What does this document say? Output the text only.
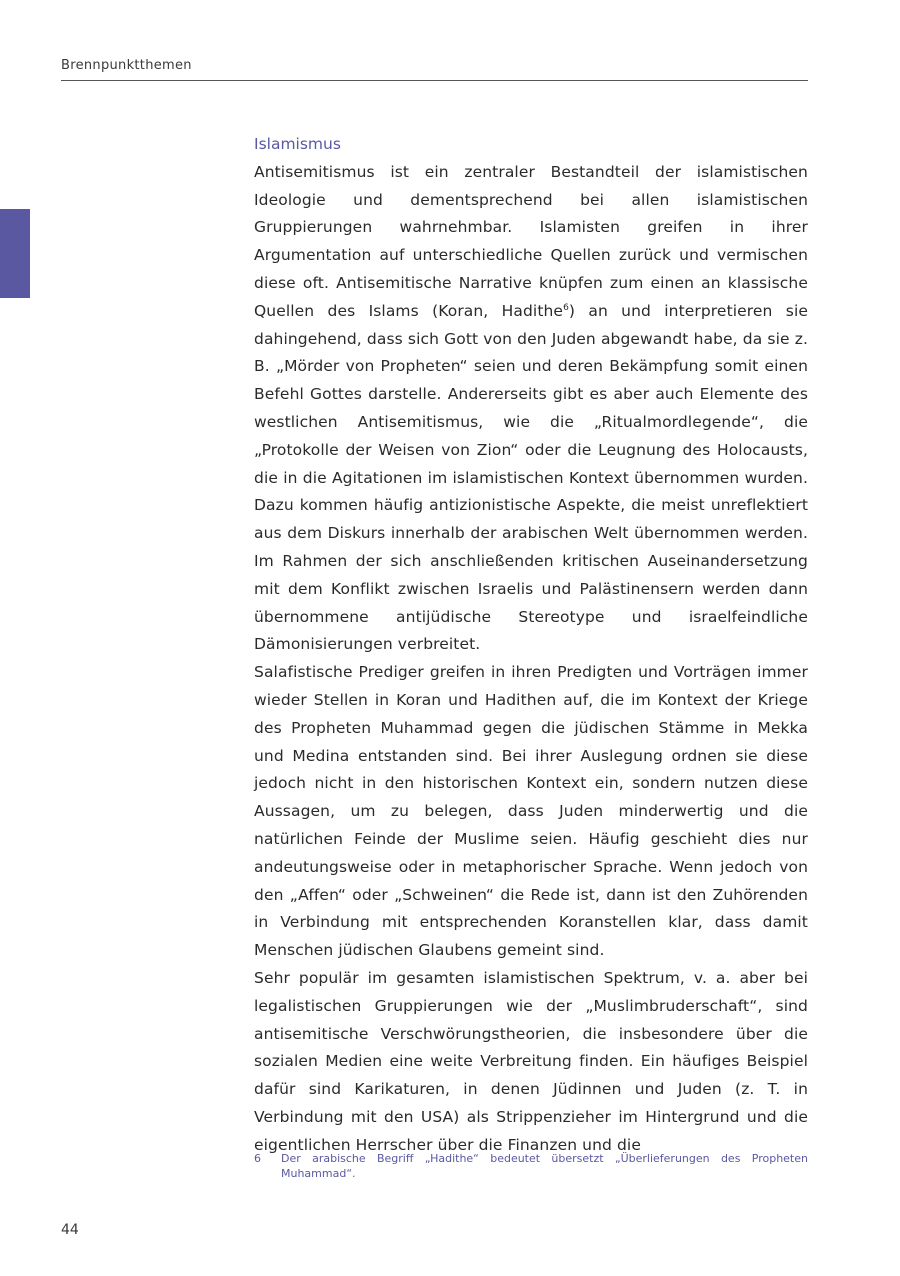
Brennpunktthemen
Islamismus

Antisemitismus ist ein zentraler Bestandteil der islamistischen Ideologie und dementsprechend bei allen islamistischen Gruppierungen wahrnehmbar. Islamisten greifen in ihrer Argumentation auf unterschiedliche Quellen zurück und vermischen diese oft. Antisemitische Narrative knüpfen zum einen an klassische Quellen des Islams (Koran, Hadithe$^6$) an und interpretieren sie dahingehend, dass sich Gott von den Juden abgewandt habe, da sie z. B. „Mörder von Propheten“ seien und deren Bekämpfung somit einen Befehl Gottes darstelle. Andererseits gibt es aber auch Elemente des westlichen Antisemitismus, wie die „Ritualmordlegende“, die „Protokolle der Weisen von Zion“ oder die Leugnung des Holocausts, die in die Agitationen im islamistischen Kontext übernommen wurden. Dazu kommen häufig antizionistische Aspekte, die meist unreflektiert aus dem Diskurs innerhalb der arabischen Welt übernommen werden. Im Rahmen der sich anschließenden kritischen Auseinandersetzung mit dem Konflikt zwischen Israelis und Palästinensern werden dann übernommene antijüdische Stereotype und israelfeindliche Dämonisierungen verbreitet.

Salafistische Prediger greifen in ihren Predigten und Vorträgen immer wieder Stellen in Koran und Hadithen auf, die im Kontext der Kriege des Propheten Muhammad gegen die jüdischen Stämme in Mekka und Medina entstanden sind. Bei ihrer Auslegung ordnen sie diese jedoch nicht in den historischen Kontext ein, sondern nutzen diese Aussagen, um zu belegen, dass Juden minderwertig und die natürlichen Feinde der Muslime seien. Häufig geschieht dies nur andeutungsweise oder in metaphorischer Sprache. Wenn jedoch von den „Affen“ oder „Schweinen“ die Rede ist, dann ist den Zuhörenden in Verbindung mit entsprechenden Koranstellen klar, dass damit Menschen jüdischen Glaubens gemeint sind.

Sehr populär im gesamten islamistischen Spektrum, v. a. aber bei legalistischen Gruppierungen wie der „Muslimbruderschaft“, sind antisemitische Verschwörungstheorien, die insbesondere über die sozialen Medien eine weite Verbreitung finden. Ein häufiges Beispiel dafür sind Karikaturen, in denen Jüdinnen und Juden (z. T. in Verbindung mit den USA) als Strippenzieher im Hintergrund und die eigentlichen Herrscher über die Finanzen und die

6	Der arabische Begriff „Hadithe“ bedeutet übersetzt „Überlieferungen des Propheten Muhammad“.
44
